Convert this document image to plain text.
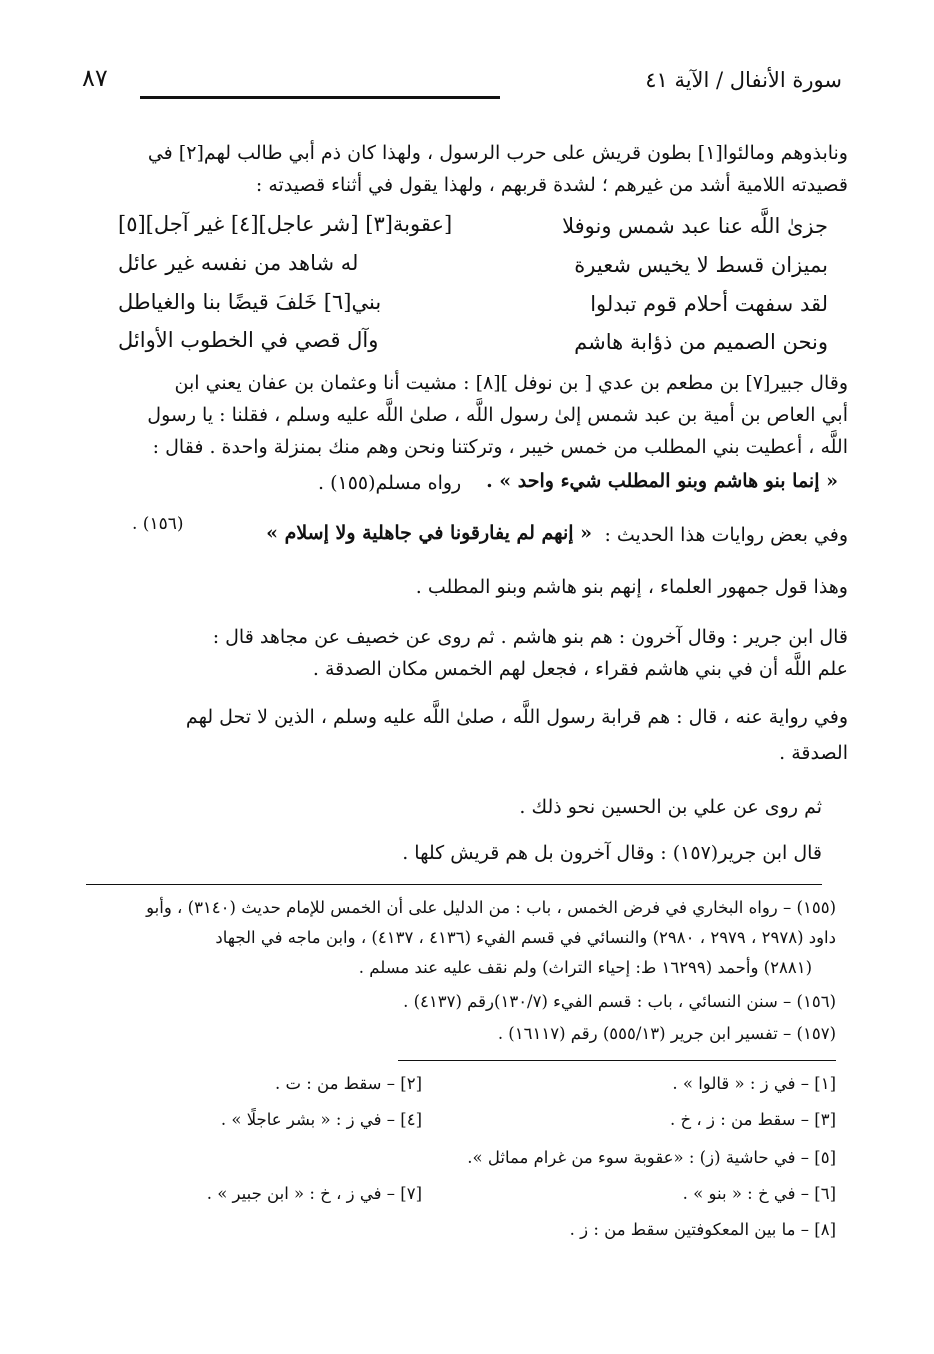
سورة الأنفال / الآية ٤١
٨٧
ونابذوهم ومالئوا[١] بطون قريش على حرب الرسول ، ولهذا كان ذم أبي طالب لهم[٢] في
قصيدته اللامية أشد من غيرهم ؛ لشدة قربهم ، ولهذا يقول في أثناء قصيدته :
جزىٰ اللَّه عنا عبد شمس ونوفلا
[عقوبة[٣] [شر عاجل][٤] غير آجل][٥]
بميزان قسط لا يخيس شعيرة
له شاهد من نفسه غير عائل
لقد سفهت أحلام قوم تبدلوا
بني[٦] خَلفَ قيضًا بنا والغياطل
ونحن الصميم من ذؤابة هاشم
وآل قصي في الخطوب الأوائل
وقال جبير[٧] بن مطعم بن عدي [ بن نوفل ][٨] : مشيت أنا وعثمان بن عفان يعني ابن
أبي العاص بن أمية بن عبد شمس إلىٰ رسول اللَّه ، صلىٰ اللَّه عليه وسلم ، فقلنا : يا رسول
اللَّه ، أعطيت بني المطلب من خمس خيبر ، وتركتنا ونحن وهم منك بمنزلة واحدة . فقال :
« إنما بنو هاشم وبنو المطلب شيء واحد » .
رواه مسلم(١٥٥) .
وفي بعض روايات هذا الحديث :
« إنهم لم يفارقونا في جاهلية ولا إسلام »
(١٥٦) .
وهذا قول جمهور العلماء ، إنهم بنو هاشم وبنو المطلب .
قال ابن جرير : وقال آخرون : هم بنو هاشم . ثم روى عن خصيف عن مجاهد قال :
علم اللَّه أن في بني هاشم فقراء ، فجعل لهم الخمس مكان الصدقة .
وفي رواية عنه ، قال : هم قرابة رسول اللَّه ، صلىٰ اللَّه عليه وسلم ، الذين لا تحل لهم
الصدقة .
ثم روى عن علي بن الحسين نحو ذلك .
قال ابن جرير(١٥٧) : وقال آخرون بل هم قريش كلها .
(١٥٥) – رواه البخاري في فرض الخمس ، باب : من الدليل على أن الخمس للإمام حديث (٣١٤٠) ، وأبو
داود (٢٩٧٨ ، ٢٩٧٩ ، ٢٩٨٠) والنسائي في قسم الفيء (٤١٣٦ ، ٤١٣٧) ، وابن ماجه في الجهاد
(٢٨٨١) وأحمد (١٦٢٩٩ ط: إحياء التراث) ولم نقف عليه عند مسلم .
(١٥٦) – سنن النسائي ، باب : قسم الفيء (١٣٠/٧)رقم (٤١٣٧) .
(١٥٧) – تفسير ابن جرير (٥٥٥/١٣) رقم (١٦١١٧) .
[١] – في ز : « قالوا » .
[٢] – سقط من : ت .
[٣] – سقط من : ز ، خ .
[٤] – في ز : « بشر عاجلًا » .
[٥] – في حاشية (ز) : «عقوبة سوء من غرام مماثل ».
[٦] – في خ : « بنو » .
[٧] – في ز ، خ : « ابن جبير » .
[٨] – ما بين المعكوفتين سقط من : ز .
